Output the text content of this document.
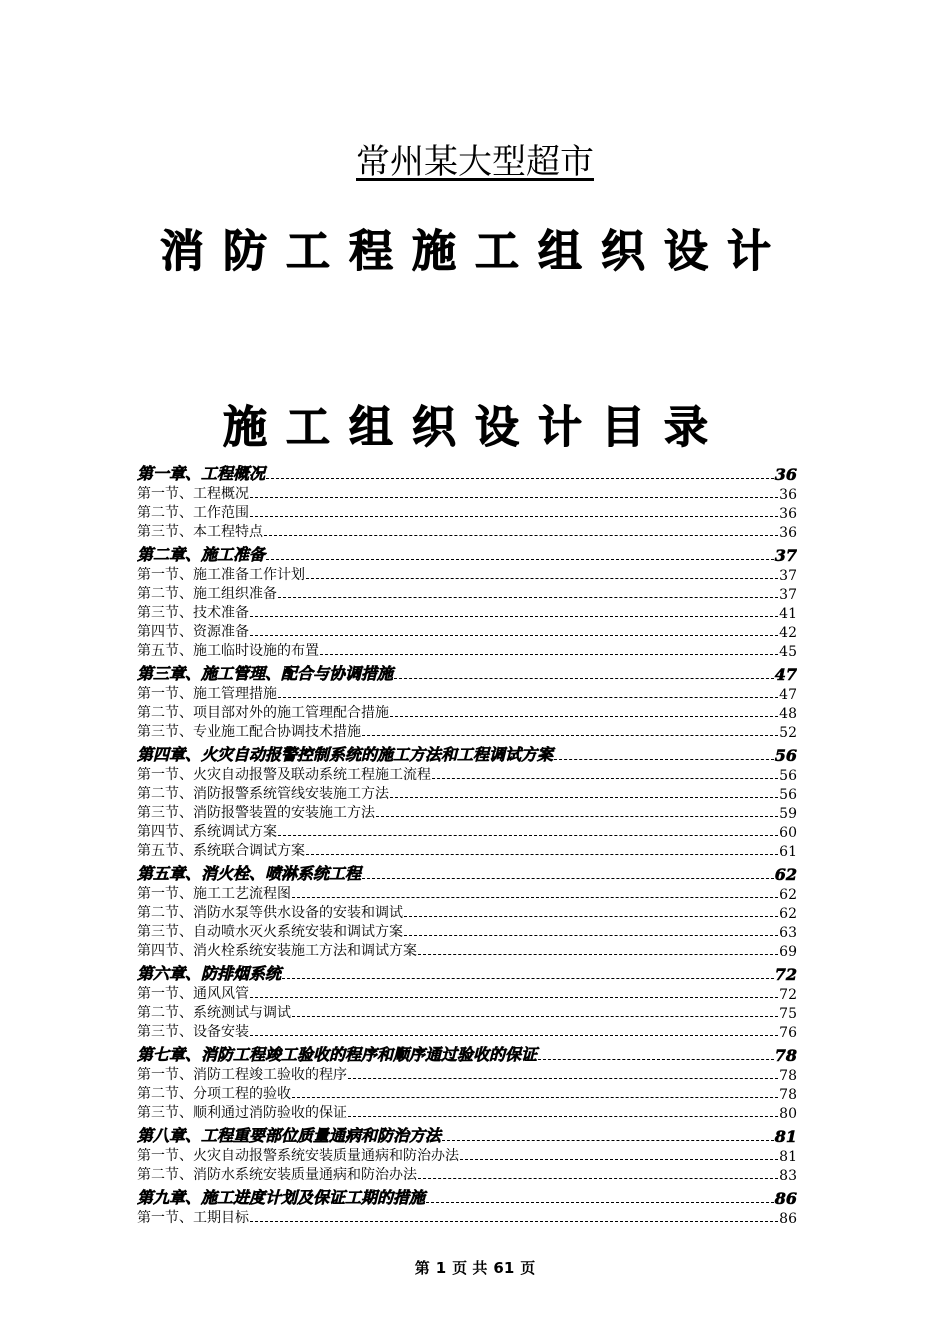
常州某大型超市
消防工程施工组织设计
施工组织设计目录
第一章、工程概况	36
第一节、工程概况	36
第二节、工作范围	36
第三节、本工程特点	36
第二章、施工准备	37
第一节、施工准备工作计划	37
第二节、施工组织准备	37
第三节、技术准备	41
第四节、资源准备	42
第五节、施工临时设施的布置	45
第三章、施工管理、配合与协调措施	47
第一节、施工管理措施	47
第二节、项目部对外的施工管理配合措施	48
第三节、专业施工配合协调技术措施	52
第四章、火灾自动报警控制系统的施工方法和工程调试方案	56
第一节、火灾自动报警及联动系统工程施工流程	56
第二节、消防报警系统管线安装施工方法	56
第三节、消防报警装置的安装施工方法	59
第四节、系统调试方案	60
第五节、系统联合调试方案	61
第五章、消火栓、喷淋系统工程	62
第一节、施工工艺流程图	62
第二节、消防水泵等供水设备的安装和调试	62
第三节、自动喷水灭火系统安装和调试方案	63
第四节、消火栓系统安装施工方法和调试方案	69
第六章、防排烟系统	72
第一节、通风风管	72
第二节、系统测试与调试	75
第三节、设备安装	76
第七章、消防工程竣工验收的程序和顺序通过验收的保证	78
第一节、消防工程竣工验收的程序	78
第二节、分项工程的验收	78
第三节、顺利通过消防验收的保证	80
第八章、工程重要部位质量通病和防治方法	81
第一节、火灾自动报警系统安装质量通病和防治办法	81
第二节、消防水系统安装质量通病和防治办法	83
第九章、施工进度计划及保证工期的措施	86
第一节、工期目标	86
第 1 页 共 61 页
